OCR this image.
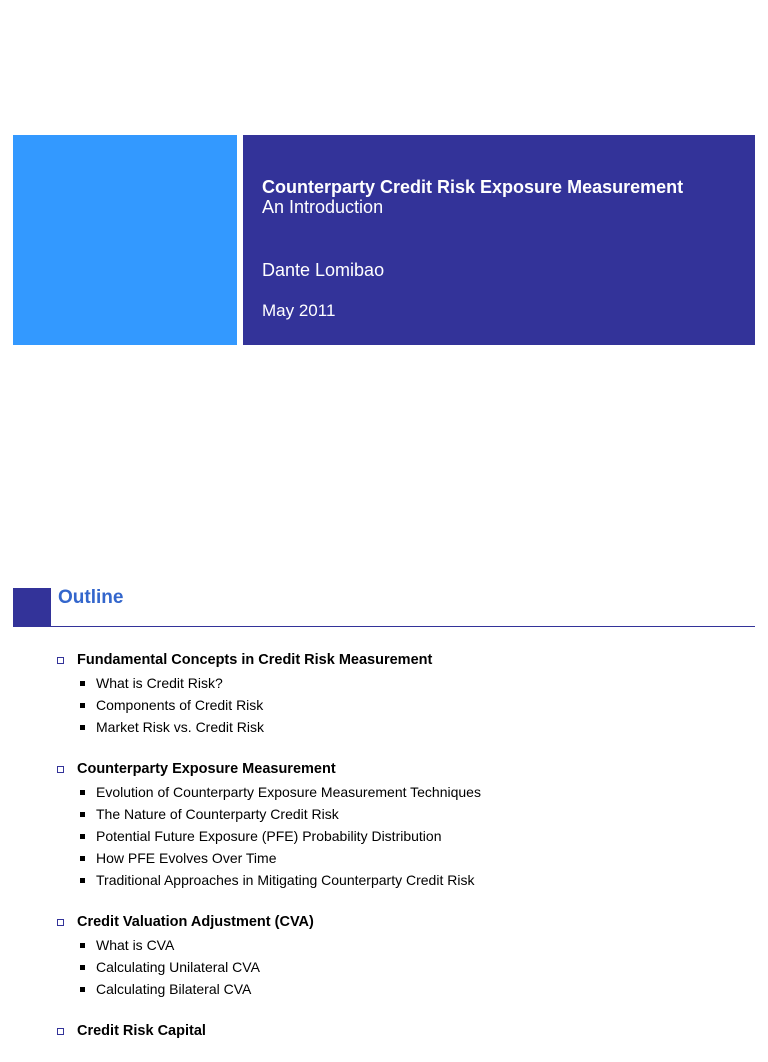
Counterparty Credit Risk Exposure Measurement
An Introduction
Dante Lomibao
May 2011
Outline
Fundamental Concepts in Credit Risk Measurement
What is Credit Risk?
Components of Credit Risk
Market Risk vs. Credit Risk
Counterparty Exposure Measurement
Evolution of Counterparty Exposure Measurement Techniques
The Nature of Counterparty Credit Risk
Potential Future Exposure (PFE) Probability Distribution
How PFE Evolves Over Time
Traditional Approaches in Mitigating Counterparty Credit Risk
Credit Valuation Adjustment (CVA)
What is CVA
Calculating Unilateral CVA
Calculating Bilateral CVA
Credit Risk Capital
